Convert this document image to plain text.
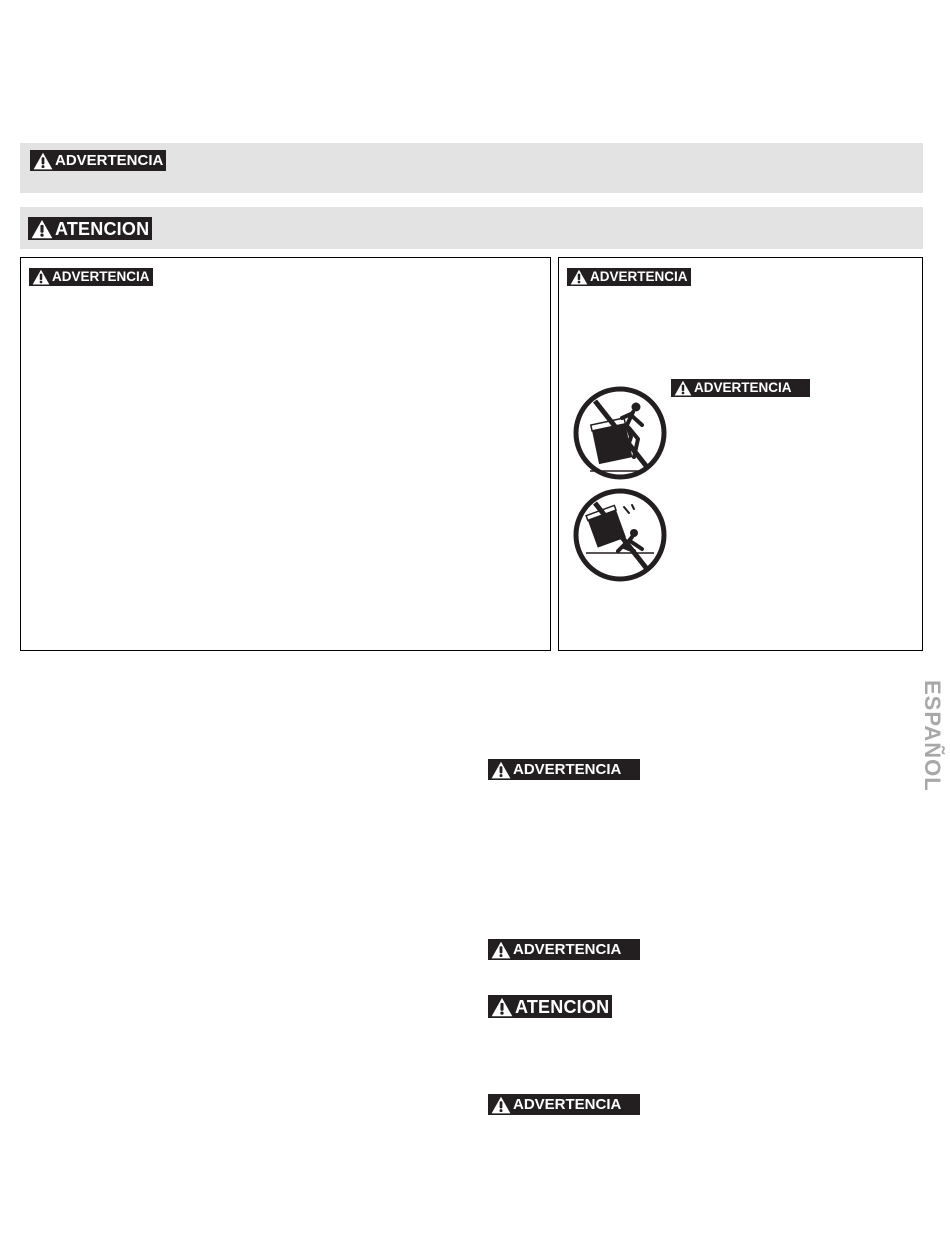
ADVERTENCIA
ATENCION
ADVERTENCIA	ADVERTENCIA
ADVERTENCIA
ADVERTENCIA
ADVERTENCIA
ATENCION
ADVERTENCIA
ESPAÑOL
